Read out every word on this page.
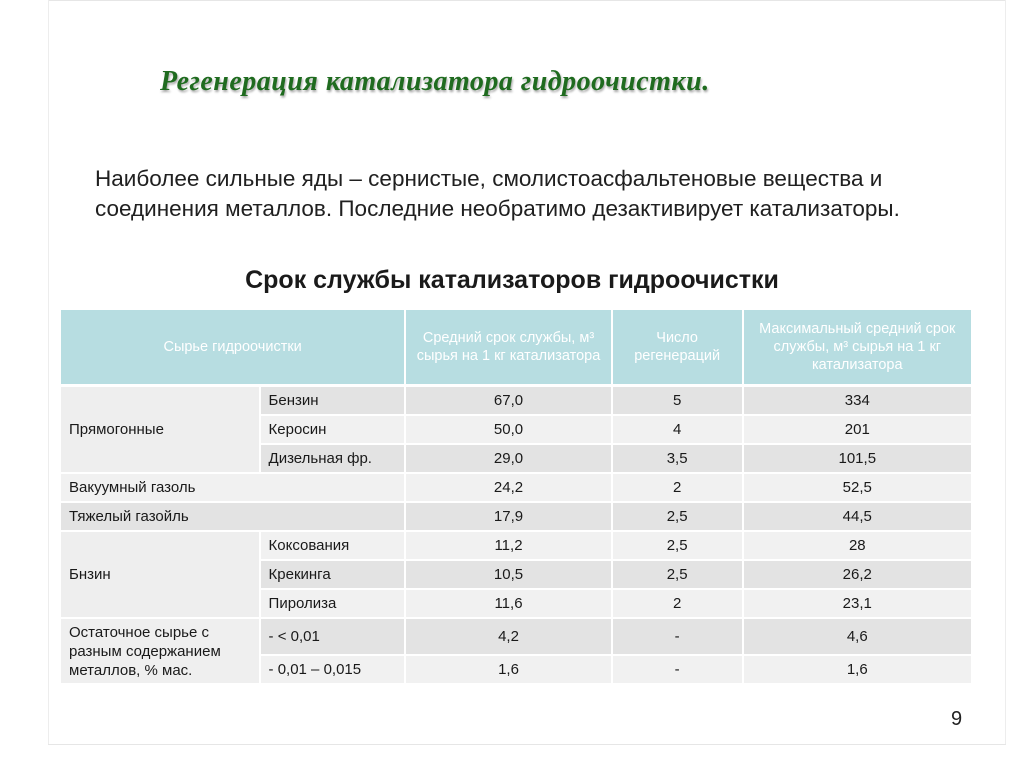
Регенерация катализатора гидроочистки.
Наиболее сильные яды – сернистые, смолистоасфальтеновые вещества и соединения металлов. Последние необратимо дезактивирует катализаторы.
Срок службы катализаторов гидроочистки
Сырье гидроочистки		Средний срок службы, м³ сырья на 1 кг катализатора	Число регенераций	Максимальный средний срок службы, м³ сырья на 1 кг катализатора
Прямогонные	Бензин	67,0	5	334
	Керосин	50,0	4	201
	Дизельная фр.	29,0	3,5	101,5
Вакуумный газоль		24,2	2	52,5
Тяжелый газойль		17,9	2,5	44,5
Бнзин	Коксования	11,2	2,5	28
	Крекинга	10,5	2,5	26,2
	Пиролиза	11,6	2	23,1
Остаточное сырье с разным содержанием металлов, % мас.	- < 0,01	4,2	-	4,6
	- 0,01 – 0,015	1,6	-	1,6
9
